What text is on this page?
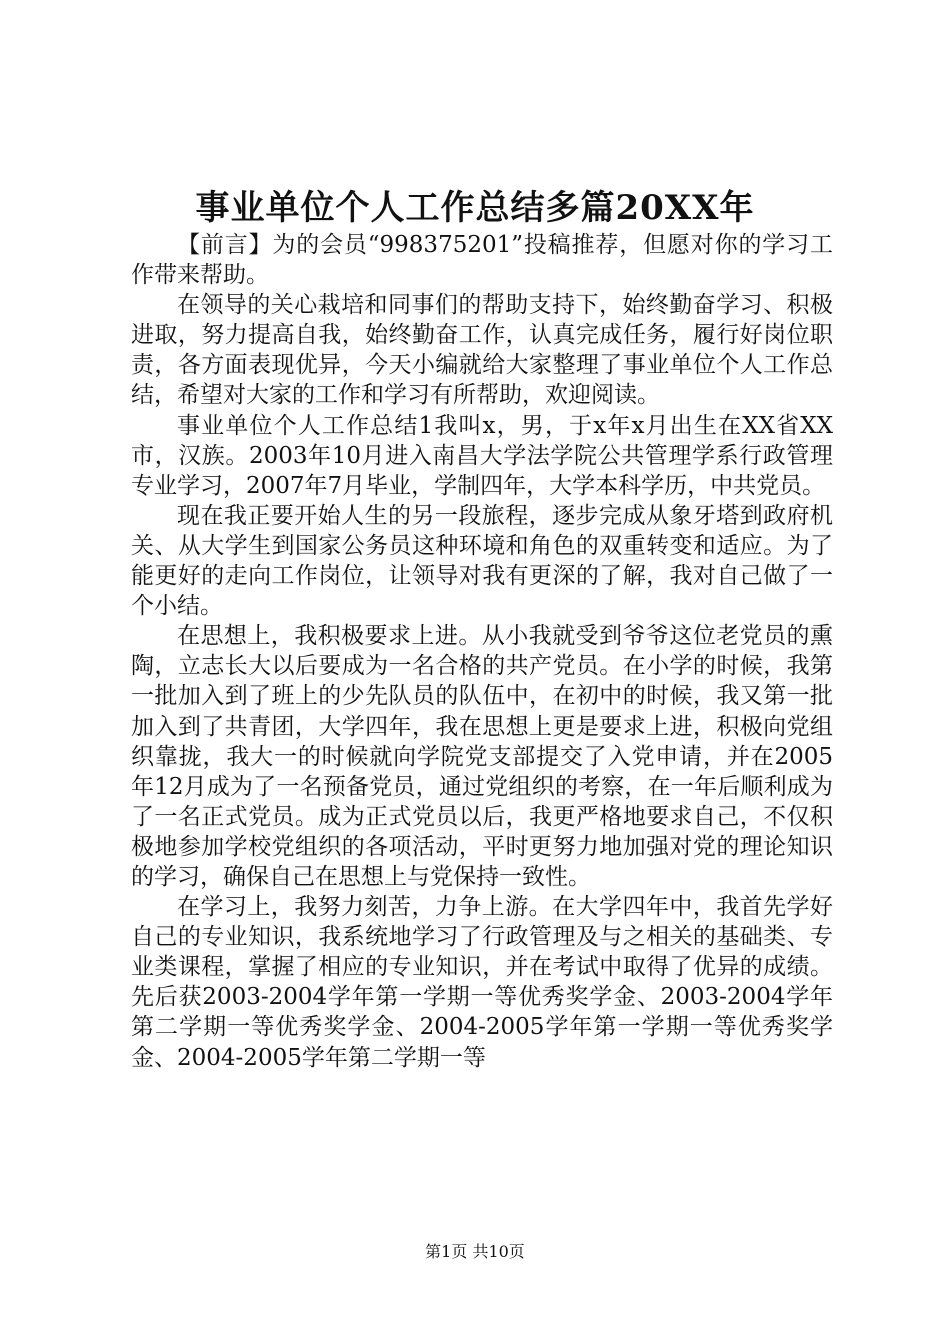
事业单位个人工作总结多篇20XX年

【前言】为的会员“998375201”投稿推荐，但愿对你的学习工作带来帮助。

在领导的关心栽培和同事们的帮助支持下，始终勤奋学习、积极进取，努力提高自我，始终勤奋工作，认真完成任务，履行好岗位职责，各方面表现优异，今天小编就给大家整理了事业单位个人工作总结，希望对大家的工作和学习有所帮助，欢迎阅读。

事业单位个人工作总结1我叫x，男，于x年x月出生在XX省XX市，汉族。2003年10月进入南昌大学法学院公共管理学系行政管理专业学习，2007年7月毕业，学制四年，大学本科学历，中共党员。

现在我正要开始人生的另一段旅程，逐步完成从象牙塔到政府机关、从大学生到国家公务员这种环境和角色的双重转变和适应。为了能更好的走向工作岗位，让领导对我有更深的了解，我对自己做了一个小结。

在思想上，我积极要求上进。从小我就受到爷爷这位老党员的熏陶，立志长大以后要成为一名合格的共产党员。在小学的时候，我第一批加入到了班上的少先队员的队伍中，在初中的时候，我又第一批加入到了共青团，大学四年，我在思想上更是要求上进，积极向党组织靠拢，我大一的时候就向学院党支部提交了入党申请，并在2005年12月成为了一名预备党员，通过党组织的考察，在一年后顺利成为了一名正式党员。成为正式党员以后，我更严格地要求自己，不仅积极地参加学校党组织的各项活动，平时更努力地加强对党的理论知识的学习，确保自己在思想上与党保持一致性。

在学习上，我努力刻苦，力争上游。在大学四年中，我首先学好自己的专业知识，我系统地学习了行政管理及与之相关的基础类、专业类课程，掌握了相应的专业知识，并在考试中取得了优异的成绩。先后获2003-2004学年第一学期一等优秀奖学金、2003-2004学年第二学期一等优秀奖学金、2004-2005学年第一学期一等优秀奖学金、2004-2005学年第二学期一等

第1页 共10页
